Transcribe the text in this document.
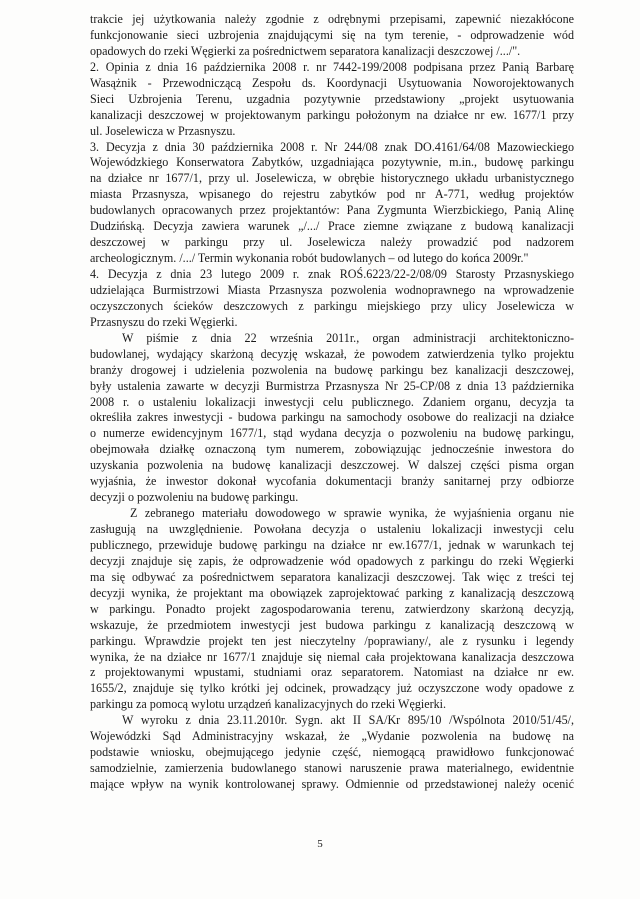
trakcie jej użytkowania należy zgodnie z odrębnymi przepisami, zapewnić niezakłócone
funkcjonowanie sieci uzbrojenia znajdującymi się na tym terenie, - odprowadzenie wód
opadowych do rzeki Węgierki za pośrednictwem separatora kanalizacji deszczowej /.../".
2. Opinia z dnia 16 października 2008 r. nr 7442-199/2008 podpisana przez Panią Barbarę
Wasążnik - Przewodniczącą Zespołu ds. Koordynacji Usytuowania Noworojektowanych
Sieci Uzbrojenia Terenu, uzgadnia pozytywnie przedstawiony „projekt usytuowania
kanalizacji deszczowej w projektowanym parkingu położonym na działce nr ew. 1677/1 przy
ul. Joselewicza w Przasnyszu.
3. Decyzja z dnia 30 października 2008 r. Nr 244/08 znak DO.4161/64/08 Mazowieckiego
Wojewódzkiego Konserwatora Zabytków, uzgadniająca pozytywnie, m.in., budowę parkingu
na działce nr 1677/1, przy ul. Joselewicza, w obrębie historycznego układu urbanistycznego
miasta Przasnysza, wpisanego do rejestru zabytków pod nr A-771, według projektów
budowlanych opracowanych przez projektantów: Pana Zygmunta Wierzbickiego, Panią Alinę
Dudzińską. Decyzja zawiera warunek „/.../ Prace ziemne związane z budową kanalizacji
deszczowej w parkingu przy ul. Joselewicza należy prowadzić pod nadzorem
archeologicznym. /.../ Termin wykonania robót budowlanych – od lutego do końca 2009r."
4. Decyzja z dnia 23 lutego 2009 r. znak ROŚ.6223/22-2/08/09 Starosty Przasnyskiego
udzielająca Burmistrzowi Miasta Przasnysza pozwolenia wodnoprawnego na wprowadzenie
oczyszczonych ścieków deszczowych z parkingu miejskiego przy ulicy Joselewicza w
Przasnyszu do rzeki Węgierki.
W piśmie z dnia 22 września 2011r., organ administracji architektoniczno-
budowlanej, wydający skarżoną decyzję wskazał, że powodem zatwierdzenia tylko projektu
branży drogowej i udzielenia pozwolenia na budowę parkingu bez kanalizacji deszczowej,
były ustalenia zawarte w decyzji Burmistrza Przasnysza Nr 25-CP/08 z dnia 13 października
2008 r. o ustaleniu lokalizacji inwestycji celu publicznego. Zdaniem organu, decyzja ta
określiła zakres inwestycji - budowa parkingu na samochody osobowe do realizacji na działce
o numerze ewidencyjnym 1677/1, stąd wydana decyzja o pozwoleniu na budowę parkingu,
obejmowała działkę oznaczoną tym numerem, zobowiązując jednocześnie inwestora do
uzyskania pozwolenia na budowę kanalizacji deszczowej. W dalszej części pisma organ
wyjaśnia, że inwestor dokonał wycofania dokumentacji branży sanitarnej przy odbiorze
decyzji o pozwoleniu na budowę parkingu.
Z zebranego materiału dowodowego w sprawie wynika, że wyjaśnienia organu nie
zasługują na uwzględnienie. Powołana decyzja o ustaleniu lokalizacji inwestycji celu
publicznego, przewiduje budowę parkingu na działce nr ew.1677/1, jednak w warunkach tej
decyzji znajduje się zapis, że odprowadzenie wód opadowych z parkingu do rzeki Węgierki
ma się odbywać za pośrednictwem separatora kanalizacji deszczowej. Tak więc z treści tej
decyzji wynika, że projektant ma obowiązek zaprojektować parking z kanalizacją deszczową
w parkingu. Ponadto projekt zagospodarowania terenu, zatwierdzony skarżoną decyzją,
wskazuje, że przedmiotem inwestycji jest budowa parkingu z kanalizacją deszczową w
parkingu. Wprawdzie projekt ten jest nieczytelny /poprawiany/, ale z rysunku i legendy
wynika, że na działce nr 1677/1 znajduje się niemal cała projektowana kanalizacja deszczowa
z projektowanymi wpustami, studniami oraz separatorem. Natomiast na działce nr ew.
1655/2, znajduje się tylko krótki jej odcinek, prowadzący już oczyszczone wody opadowe z
parkingu za pomocą wylotu urządzeń kanalizacyjnych do rzeki Węgierki.
W wyroku z dnia 23.11.2010r. Sygn. akt II SA/Kr 895/10 /Wspólnota 2010/51/45/,
Wojewódzki Sąd Administracyjny wskazał, że „Wydanie pozwolenia na budowę na
podstawie wniosku, obejmującego jedynie część, niemogącą prawidłowo funkcjonować
samodzielnie, zamierzenia budowlanego stanowi naruszenie prawa materialnego, ewidentnie
mające wpływ na wynik kontrolowanej sprawy. Odmiennie od przedstawionej należy ocenić
5
